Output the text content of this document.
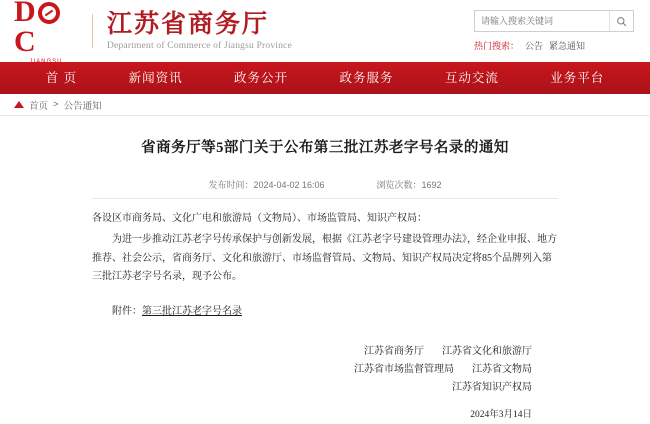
DC
JIANGSU
江苏省商务厅
Department of Commerce of Jiangsu Province
请输入搜索关键词	热门搜索： 公告 紧急通知
首 页	新闻资讯	政务公开	政务服务	互动交流	业务平台
首页 > 公告通知
省商务厅等5部门关于公布第三批江苏老字号名录的通知
发布时间：2024-04-02 16:06	浏览次数：1692

各设区市商务局、文化广电和旅游局（文物局）、市场监管局、知识产权局：

为进一步推动江苏老字号传承保护与创新发展，根据《江苏老字号建设管理办法》，经企业申报、地方推荐、社会公示，省商务厅、文化和旅游厅、市场监督管局、文物局、知识产权局决定将85个品牌列入第三批江苏老字号名录，现予公布。

附件：第三批江苏老字号名录
江苏省商务厅 江苏省文化和旅游厅
江苏省市场监督管理局 江苏省文物局
江苏省知识产权局
2024年3月14日
